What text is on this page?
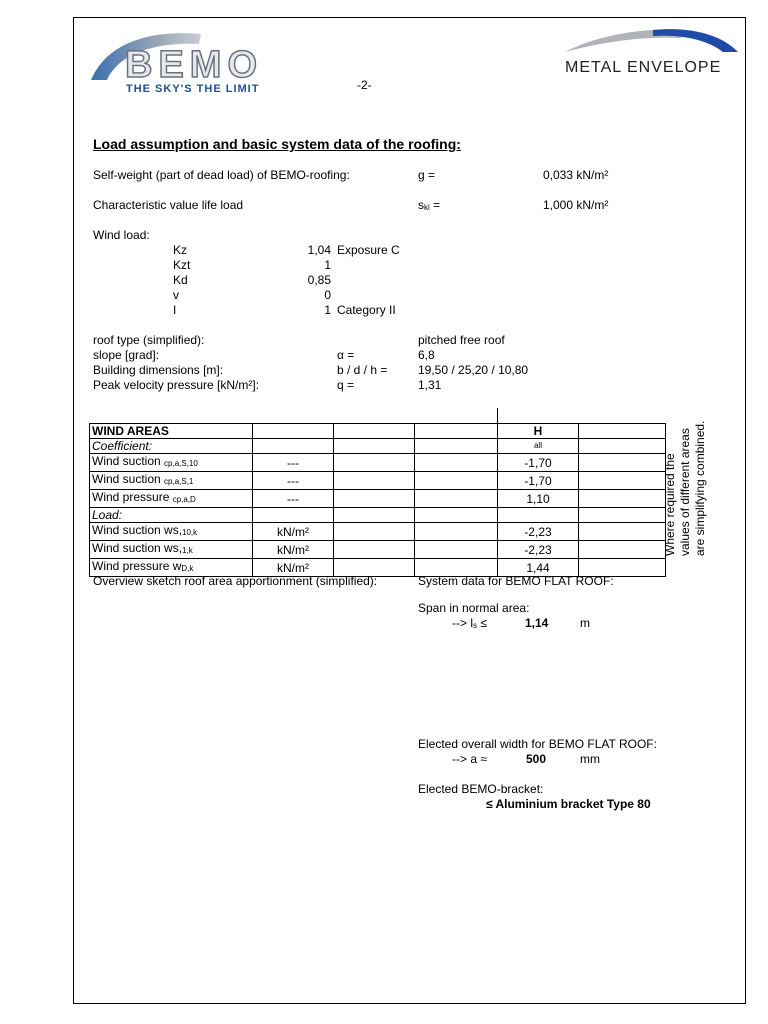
BEMO
THE SKY'S THE LIMIT	-2-
METAL ENVELOPE
Load assumption and basic system data of the roofing:
Self-weight (part of dead load) of BEMO-roofing:	g =	0,033 kN/m²
Characteristic value life load	ski =	1,000 kN/m²
Wind load:
Kz	1,04 Exposure C
Kzt	1
Kd	0,85
v	0
I	1 Category II
roof type (simplified):	pitched free roof
slope [grad]:	α =	6,8
Building dimensions [m]:	b / d / h =	19,50 / 25,20 / 10,80
Peak velocity pressure [kN/m²]:	q =	1,31
WIND AREAS				H	
Coefficient:				all	
Wind suction cp,a,S,10	---			-1,70	
Wind suction cp,a,S,1	---			-1,70	
Wind pressure cp,a,D	---			1,10	
Load:					
Wind suction ws,10,k	kN/m²			-2,23	
Wind suction ws,1,k	kN/m²			-2,23	
Wind pressure wD,k	kN/m²			1,44	
Where required the values of different areas are simplifying combined.
Overview sketch roof area apportionment (simplified):	System data for BEMO FLAT ROOF:
Span in normal area:
--> ls ≤	1,14	m
Elected overall width for BEMO FLAT ROOF:
--> a ≈	500	mm
Elected BEMO-bracket:
≤ Aluminium bracket Type 80
